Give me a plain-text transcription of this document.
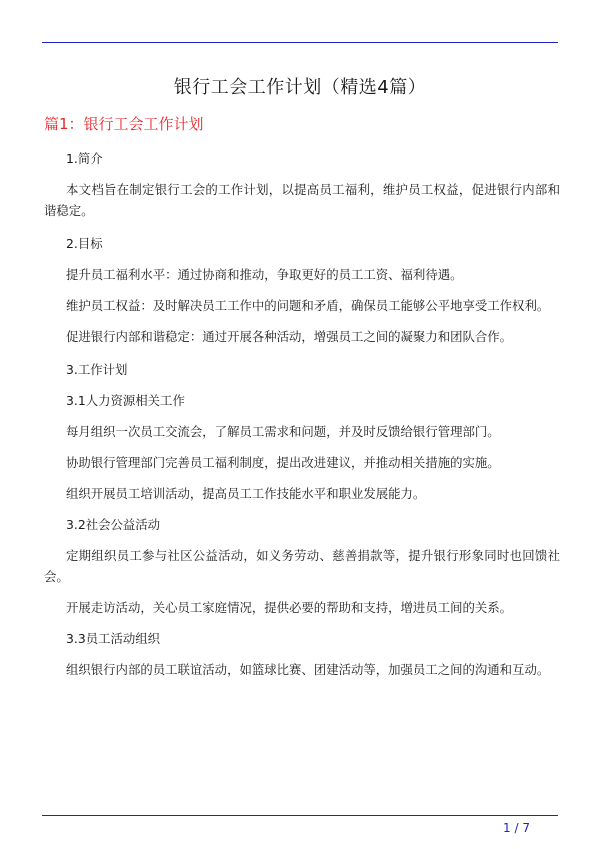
银行工会工作计划（精选4篇）
篇1：银行工会工作计划

1.简介

本文档旨在制定银行工会的工作计划，以提高员工福利，维护员工权益，促进银行内部和谐稳定。

2.目标

提升员工福利水平：通过协商和推动，争取更好的员工工资、福利待遇。

维护员工权益：及时解决员工工作中的问题和矛盾，确保员工能够公平地享受工作权利。

促进银行内部和谐稳定：通过开展各种活动，增强员工之间的凝聚力和团队合作。

3.工作计划

3.1人力资源相关工作

每月组织一次员工交流会，了解员工需求和问题，并及时反馈给银行管理部门。

协助银行管理部门完善员工福利制度，提出改进建议，并推动相关措施的实施。

组织开展员工培训活动，提高员工工作技能水平和职业发展能力。

3.2社会公益活动

定期组织员工参与社区公益活动，如义务劳动、慈善捐款等，提升银行形象同时也回馈社会。

开展走访活动，关心员工家庭情况，提供必要的帮助和支持，增进员工间的关系。

3.3员工活动组织

组织银行内部的员工联谊活动，如篮球比赛、团建活动等，加强员工之间的沟通和互动。

1 / 7
